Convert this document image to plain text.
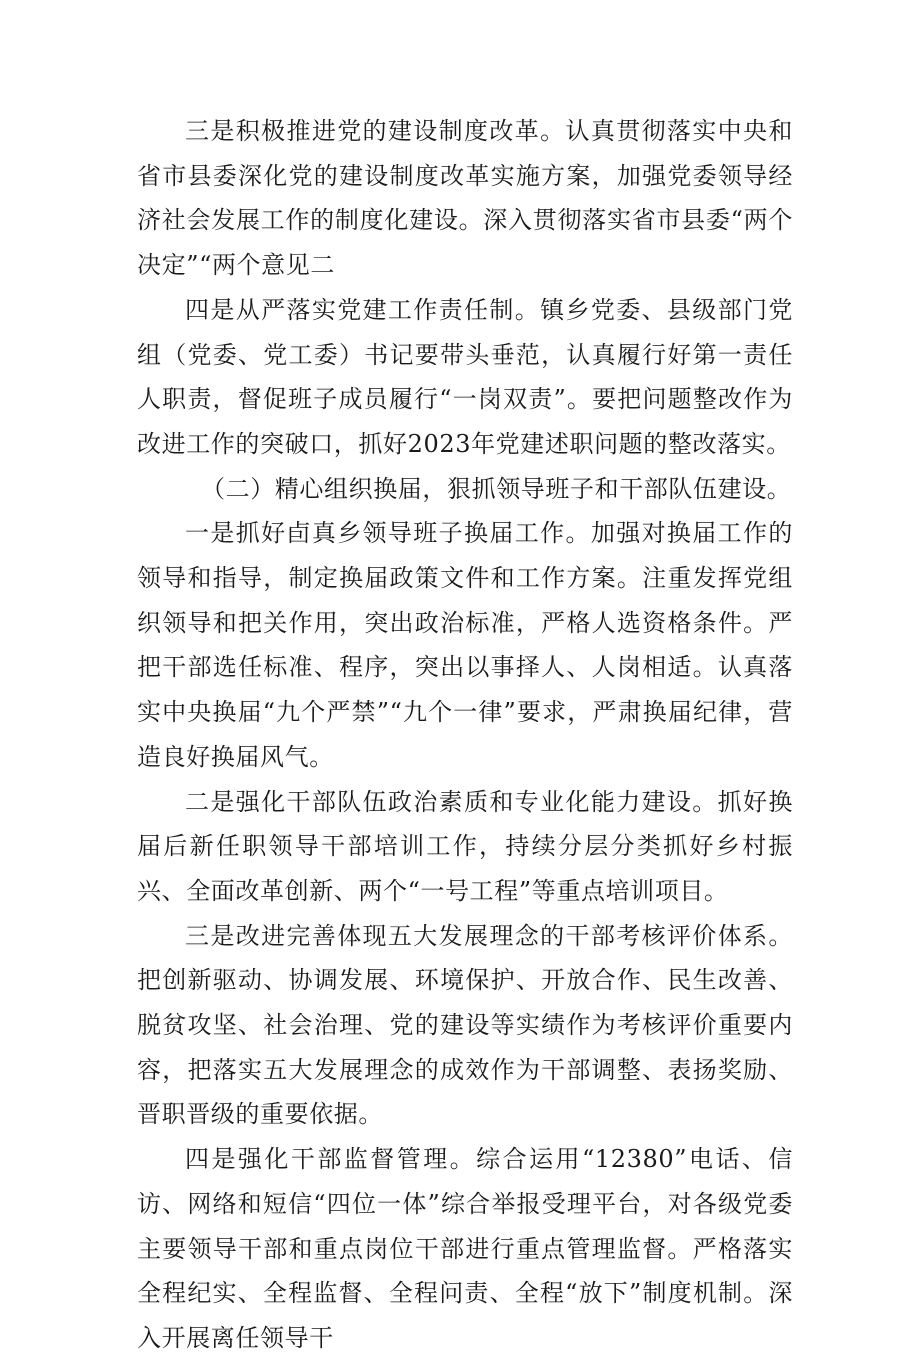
三是积极推进党的建设制度改革。认真贯彻落实中央和省市县委深化党的建设制度改革实施方案，加强党委领导经济社会发展工作的制度化建设。深入贯彻落实省市县委“两个决定”“两个意见二

四是从严落实党建工作责任制。镇乡党委、县级部门党组（党委、党工委）书记要带头垂范，认真履行好第一责任人职责，督促班子成员履行“一岗双责”。要把问题整改作为改进工作的突破口，抓好2023年党建述职问题的整改落实。

（二）精心组织换届，狠抓领导班子和干部队伍建设。

一是抓好卣真乡领导班子换届工作。加强对换届工作的领导和指导，制定换届政策文件和工作方案。注重发挥党组织领导和把关作用，突出政治标准，严格人选资格条件。严把干部选任标准、程序，突出以事择人、人岗相适。认真落实中央换届“九个严禁”“九个一律”要求，严肃换届纪律，营造良好换届风气。

二是强化干部队伍政治素质和专业化能力建设。抓好换届后新任职领导干部培训工作，持续分层分类抓好乡村振兴、全面改革创新、两个“一号工程”等重点培训项目。

三是改进完善体现五大发展理念的干部考核评价体系。把创新驱动、协调发展、环境保护、开放合作、民生改善、脱贫攻坚、社会治理、党的建设等实绩作为考核评价重要内容，把落实五大发展理念的成效作为干部调整、表扬奖励、晋职晋级的重要依据。

四是强化干部监督管理。综合运用“12380”电话、信访、网络和短信“四位一体”综合举报受理平台，对各级党委主要领导干部和重点岗位干部进行重点管理监督。严格落实全程纪实、全程监督、全程问责、全程“放下”制度机制。深入开展离任领导干
